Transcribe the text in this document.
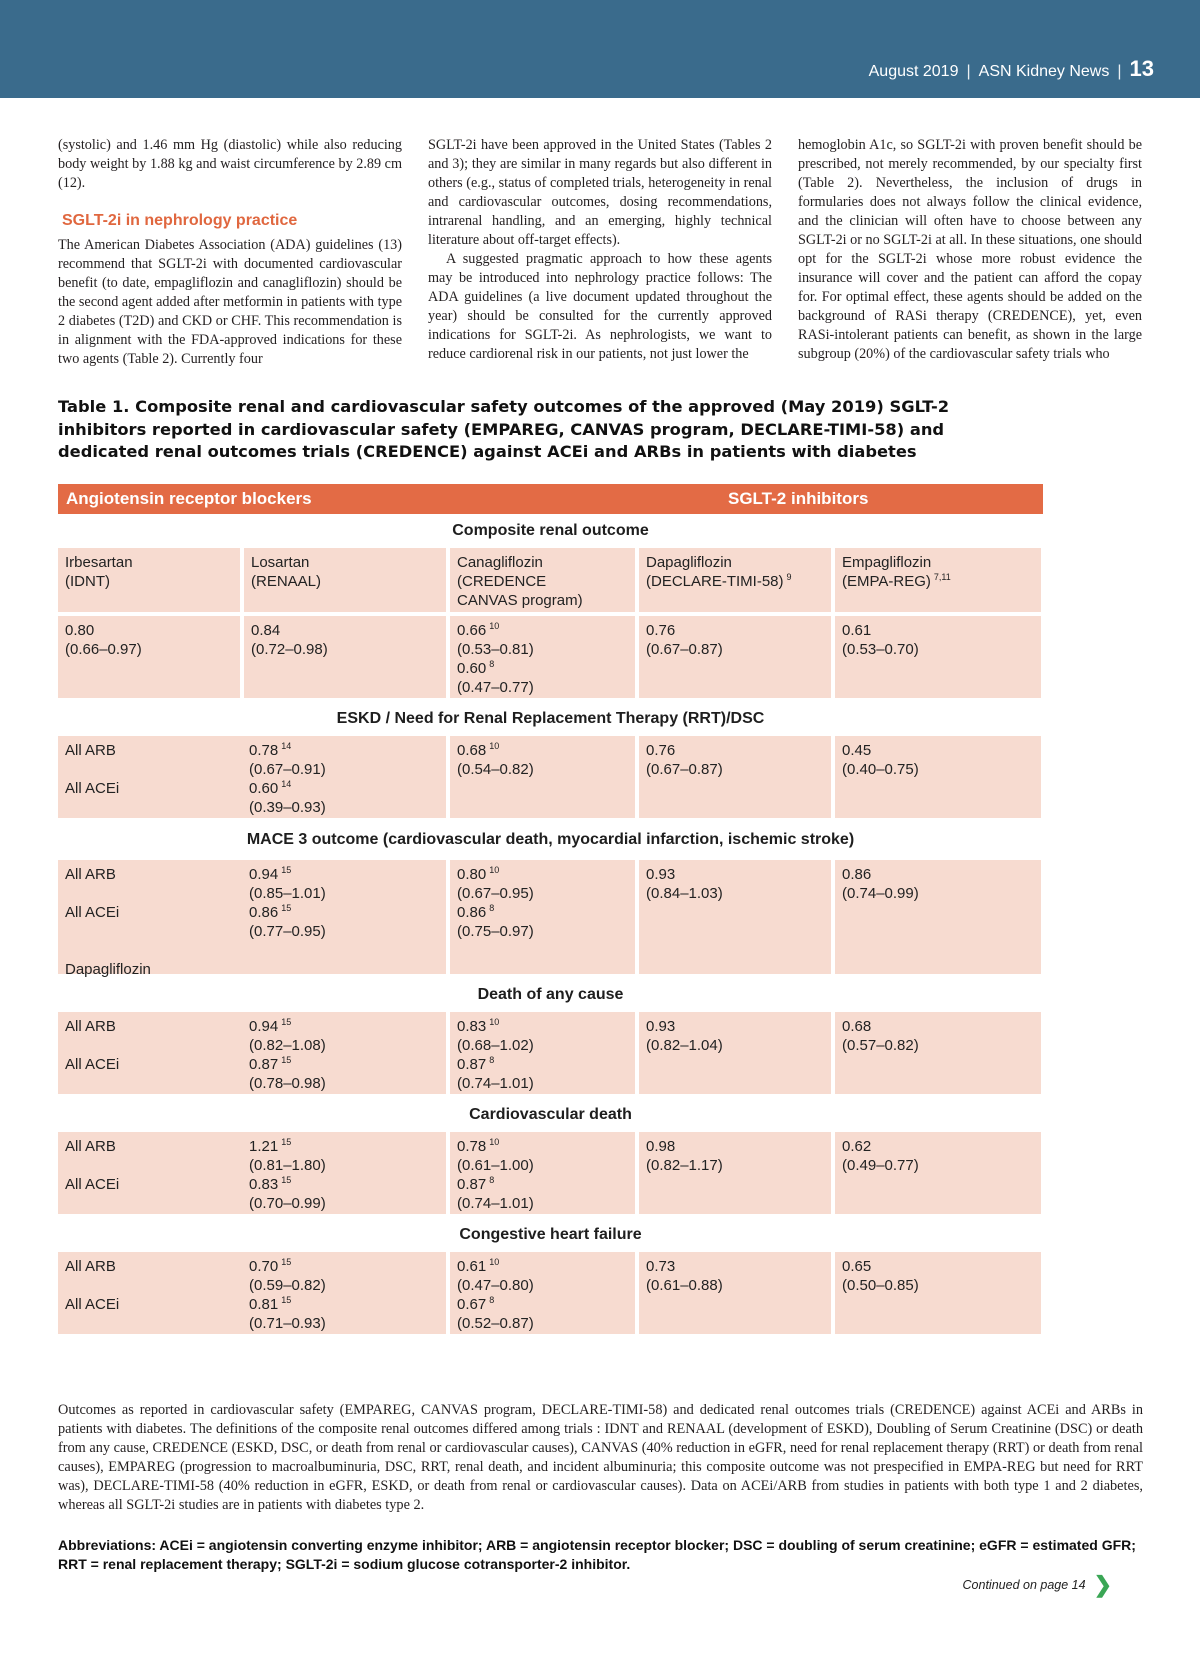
August 2019 | ASN Kidney News | 13

(systolic) and 1.46 mm Hg (diastolic) while also reducing body weight by 1.88 kg and waist circumference by 2.89 cm (12).

SGLT-2i in nephrology practice

The American Diabetes Association (ADA) guidelines (13) recommend that SGLT-2i with documented cardiovascular benefit (to date, empagliflozin and canagliflozin) should be the second agent added after metformin in patients with type 2 diabetes (T2D) and CKD or CHF. This recommendation is in alignment with the FDA-approved indications for these two agents (Table 2). Currently four

SGLT-2i have been approved in the United States (Tables 2 and 3); they are similar in many regards but also different in others (e.g., status of completed trials, heterogeneity in renal and cardiovascular outcomes, dosing recommendations, intrarenal handling, and an emerging, highly technical literature about off-target effects).

A suggested pragmatic approach to how these agents may be introduced into nephrology practice follows: The ADA guidelines (a live document updated throughout the year) should be consulted for the currently approved indications for SGLT-2i. As nephrologists, we want to reduce cardiorenal risk in our patients, not just lower the

hemoglobin A1c, so SGLT-2i with proven benefit should be prescribed, not merely recommended, by our specialty first (Table 2). Nevertheless, the inclusion of drugs in formularies does not always follow the clinical evidence, and the clinician will often have to choose between any SGLT-2i or no SGLT-2i at all. In these situations, one should opt for the SGLT-2i whose more robust evidence the insurance will cover and the patient can afford the copay for. For optimal effect, these agents should be added on the background of RASi therapy (CREDENCE), yet, even RASi-intolerant patients can benefit, as shown in the large subgroup (20%) of the cardiovascular safety trials who

Table 1. Composite renal and cardiovascular safety outcomes of the approved (May 2019) SGLT-2 inhibitors reported in cardiovascular safety (EMPAREG, CANVAS program, DECLARE-TIMI-58) and dedicated renal outcomes trials (CREDENCE) against ACEi and ARBs in patients with diabetes
Angiotensin receptor blockers	SGLT-2 inhibitors
Composite renal outcome
Irbesartan
(IDNT)
Losartan
(RENAAL)
Canagliflozin
(CREDENCE
CANVAS program)
Dapagliflozin
(DECLARE-TIMI-58) $^9$
Empagliflozin
(EMPA-REG) $^{7,11}$
0.80
(0.66–0.97)
0.84
(0.72–0.98)
0.66 $^{10}$
(0.53–0.81)
0.60 $^8$
(0.47–0.77)
0.76
(0.67–0.87)
0.61
(0.53–0.70)
ESKD / Need for Renal Replacement Therapy (RRT)/DSC
All ARB
All ACEi
0.78 $^{14}$
(0.67–0.91)
0.60 $^{14}$
(0.39–0.93)
0.68 $^{10}$
(0.54–0.82)
0.76
(0.67–0.87)
0.45
(0.40–0.75)
MACE 3 outcome (cardiovascular death, myocardial infarction, ischemic stroke)
All ARB
All ACEi
Dapagliflozin
0.94 $^{15}$
(0.85–1.01)
0.86 $^{15}$
(0.77–0.95)
0.80 $^{10}$
(0.67–0.95)
0.86 $^8$
(0.75–0.97)
0.93
(0.84–1.03)
0.86
(0.74–0.99)
Death of any cause
All ARB
All ACEi
0.94 $^{15}$
(0.82–1.08)
0.87 $^{15}$
(0.78–0.98)
0.83 $^{10}$
(0.68–1.02)
0.87 $^8$
(0.74–1.01)
0.93
(0.82–1.04)
0.68
(0.57–0.82)
Cardiovascular death
All ARB
All ACEi
1.21 $^{15}$
(0.81–1.80)
0.83 $^{15}$
(0.70–0.99)
0.78 $^{10}$
(0.61–1.00)
0.87 $^8$
(0.74–1.01)
0.98
(0.82–1.17)
0.62
(0.49–0.77)
Congestive heart failure
All ARB
All ACEi
0.70 $^{15}$
(0.59–0.82)
0.81 $^{15}$
(0.71–0.93)
0.61 $^{10}$
(0.47–0.80)
0.67 $^8$
(0.52–0.87)
0.73
(0.61–0.88)
0.65
(0.50–0.85)
Outcomes as reported in cardiovascular safety (EMPAREG, CANVAS program, DECLARE-TIMI-58) and dedicated renal outcomes trials (CREDENCE) against ACEi and ARBs in patients with diabetes. The definitions of the composite renal outcomes differed among trials : IDNT and RENAAL (development of ESKD), Doubling of Serum Creatinine (DSC) or death from any cause, CREDENCE (ESKD, DSC, or death from renal or cardiovascular causes), CANVAS (40% reduction in eGFR, need for renal replacement therapy (RRT) or death from renal causes), EMPAREG (progression to macroalbuminuria, DSC, RRT, renal death, and incident albuminuria; this composite outcome was not prespecified in EMPA-REG but need for RRT was), DECLARE-TIMI-58 (40% reduction in eGFR, ESKD, or death from renal or cardiovascular causes). Data on ACEi/ARB from studies in patients with both type 1 and 2 diabetes, whereas all SGLT-2i studies are in patients with diabetes type 2.
Abbreviations: ACEi = angiotensin converting enzyme inhibitor; ARB = angiotensin receptor blocker; DSC = doubling of serum creatinine; eGFR = estimated GFR; RRT = renal replacement therapy; SGLT-2i = sodium glucose cotransporter-2 inhibitor.
Continued on page 14 ❯
